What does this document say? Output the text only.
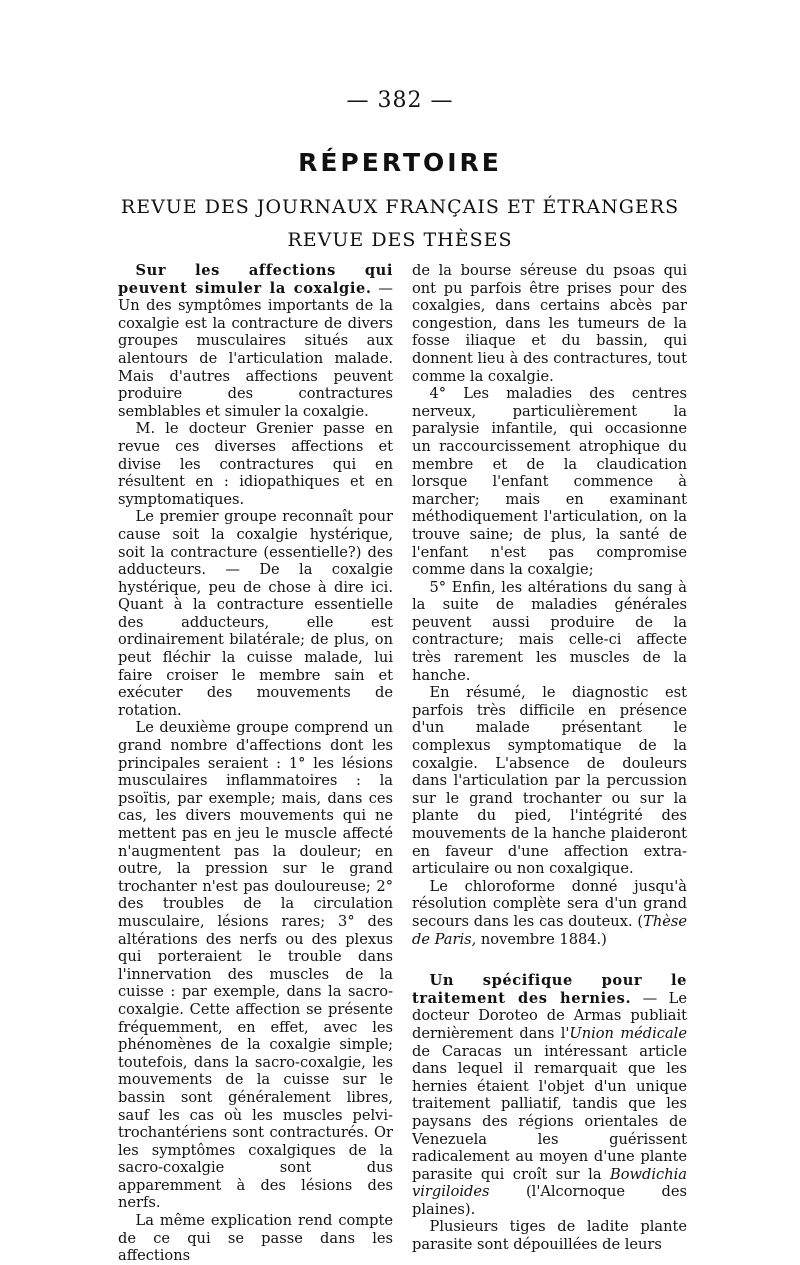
— 382 —
RÉPERTOIRE
REVUE DES JOURNAUX FRANÇAIS ET ÉTRANGERS
REVUE DES THÈSES

Sur les affections qui peuvent simuler la coxalgie. — Un des symptômes importants de la coxalgie est la contracture de divers groupes musculaires situés aux alentours de l'articulation malade. Mais d'autres affections peuvent produire des contractures semblables et simuler la coxalgie.

M. le docteur Grenier passe en revue ces diverses affections et divise les contractures qui en résultent en : idiopathiques et en symptomatiques.

Le premier groupe reconnaît pour cause soit la coxalgie hystérique, soit la contracture (essentielle?) des adducteurs. — De la coxalgie hystérique, peu de chose à dire ici. Quant à la contracture essentielle des adducteurs, elle est ordinairement bilatérale; de plus, on peut fléchir la cuisse malade, lui faire croiser le membre sain et exécuter des mouvements de rotation.

Le deuxième groupe comprend un grand nombre d'affections dont les principales seraient : 1° les lésions musculaires inflammatoires : la psoïtis, par exemple; mais, dans ces cas, les divers mouvements qui ne mettent pas en jeu le muscle affecté n'augmentent pas la douleur; en outre, la pression sur le grand trochanter n'est pas douloureuse; 2° des troubles de la circulation musculaire, lésions rares; 3° des altérations des nerfs ou des plexus qui porteraient le trouble dans l'innervation des muscles de la cuisse : par exemple, dans la sacro-coxalgie. Cette affection se présente fréquemment, en effet, avec les phénomènes de la coxalgie simple; toutefois, dans la sacro-coxalgie, les mouvements de la cuisse sur le bassin sont généralement libres, sauf les cas où les muscles pelvi-trochantériens sont contracturés. Or les symptômes coxalgiques de la sacro-coxalgie sont dus apparemment à des lésions des nerfs.

La même explication rend compte de ce qui se passe dans les affections

de la bourse séreuse du psoas qui ont pu parfois être prises pour des coxalgies, dans certains abcès par congestion, dans les tumeurs de la fosse iliaque et du bassin, qui donnent lieu à des contractures, tout comme la coxalgie.

4° Les maladies des centres nerveux, particulièrement la paralysie infantile, qui occasionne un raccourcissement atrophique du membre et de la claudication lorsque l'enfant commence à marcher; mais en examinant méthodiquement l'articulation, on la trouve saine; de plus, la santé de l'enfant n'est pas compromise comme dans la coxalgie;

5° Enfin, les altérations du sang à la suite de maladies générales peuvent aussi produire de la contracture; mais celle-ci affecte très rarement les muscles de la hanche.

En résumé, le diagnostic est parfois très difficile en présence d'un malade présentant le complexus symptomatique de la coxalgie. L'absence de douleurs dans l'articulation par la percussion sur le grand trochanter ou sur la plante du pied, l'intégrité des mouvements de la hanche plaideront en faveur d'une affection extra-articulaire ou non coxalgique.

Le chloroforme donné jusqu'à résolution complète sera d'un grand secours dans les cas douteux. (Thèse de Paris, novembre 1884.)

Un spécifique pour le traitement des hernies. — Le docteur Doroteo de Armas publiait dernièrement dans l'Union médicale de Caracas un intéressant article dans lequel il remarquait que les hernies étaient l'objet d'un unique traitement palliatif, tandis que les paysans des régions orientales de Venezuela les guérissent radicalement au moyen d'une plante parasite qui croît sur la Bowdichia virgiloides (l'Alcornoque des plaines).

Plusieurs tiges de ladite plante parasite sont dépouillées de leurs
